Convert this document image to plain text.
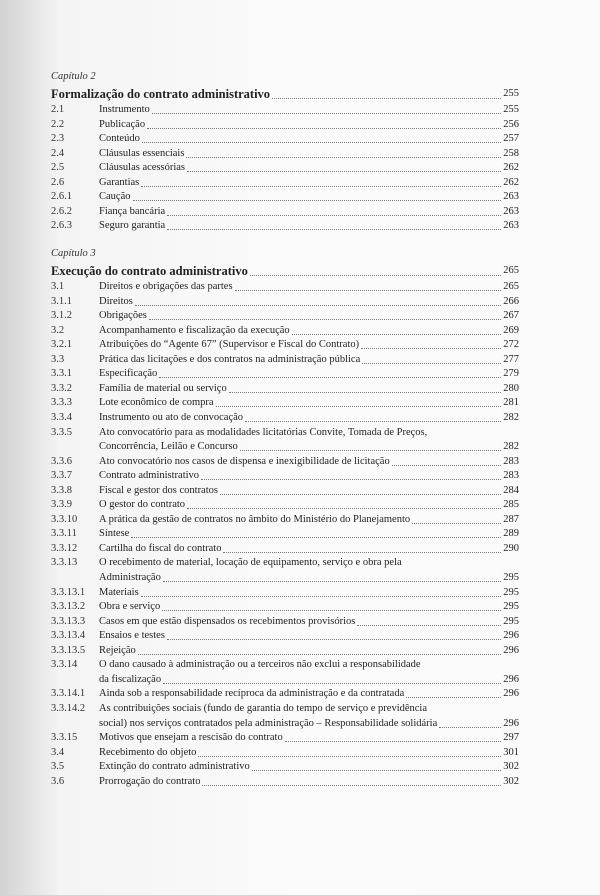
Capítulo 2
Formalização do contrato administrativo	255
2.1	Instrumento	255
2.2	Publicação	256
2.3	Conteúdo	257
2.4	Cláusulas essenciais	258
2.5	Cláusulas acessórias	262
2.6	Garantias	262
2.6.1	Caução	263
2.6.2	Fiança bancária	263
2.6.3	Seguro garantia	263
Capítulo 3
Execução do contrato administrativo	265
3.1	Direitos e obrigações das partes	265
3.1.1	Direitos	266
3.1.2	Obrigações	267
3.2	Acompanhamento e fiscalização da execução	269
3.2.1	Atribuições do “Agente 67” (Supervisor e Fiscal do Contrato)	272
3.3	Prática das licitações e dos contratos na administração pública	277
3.3.1	Especificação	279
3.3.2	Família de material ou serviço	280
3.3.3	Lote econômico de compra	281
3.3.4	Instrumento ou ato de convocação	282
3.3.5	Ato convocatório para as modalidades licitatórias Convite, Tomada de Preços,
Concorrência, Leilão e Concurso	282
3.3.6	Ato convocatório nos casos de dispensa e inexigibilidade de licitação	283
3.3.7	Contrato administrativo	283
3.3.8	Fiscal e gestor dos contratos	284
3.3.9	O gestor do contrato	285
3.3.10	A prática da gestão de contratos no âmbito do Ministério do Planejamento	287
3.3.11	Síntese	289
3.3.12	Cartilha do fiscal do contrato	290
3.3.13	O recebimento de material, locação de equipamento, serviço e obra pela
Administração	295
3.3.13.1	Materiais	295
3.3.13.2	Obra e serviço	295
3.3.13.3	Casos em que estão dispensados os recebimentos provisórios	295
3.3.13.4	Ensaios e testes	296
3.3.13.5	Rejeição	296
3.3.14	O dano causado à administração ou a terceiros não exclui a responsabilidade
da fiscalização	296
3.3.14.1	Ainda sob a responsabilidade recíproca da administração e da contratada	296
3.3.14.2	As contribuições sociais (fundo de garantia do tempo de serviço e previdência
social) nos serviços contratados pela administração – Responsabilidade solidária	296
3.3.15	Motivos que ensejam a rescisão do contrato	297
3.4	Recebimento do objeto	301
3.5	Extinção do contrato administrativo	302
3.6	Prorrogação do contrato	302
